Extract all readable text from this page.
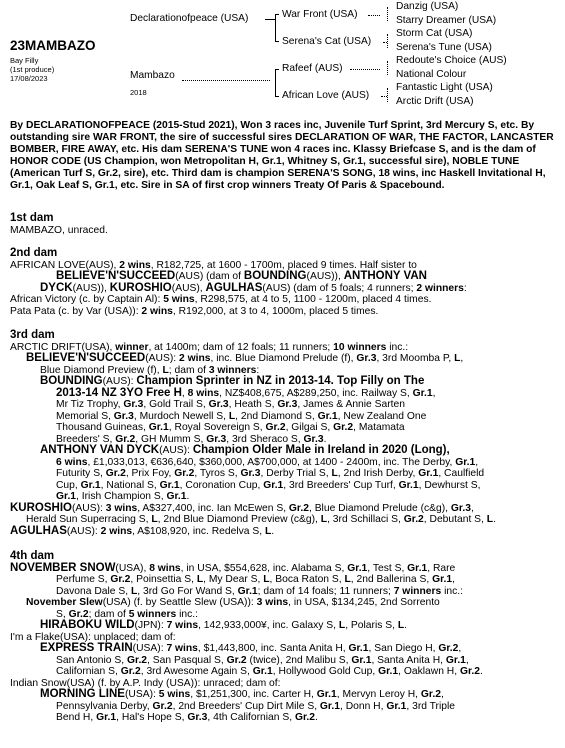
23MAMBAZO
Bay Filly
(1st produce)
17/08/2023
Declarationofpeace (USA)	War Front (USA)
Serena's Cat (USA)
Danzig (USA)
Starry Dreamer (USA)
Storm Cat (USA)
Serena's Tune (USA)
Mambazo
2018
Rafeef (AUS)
African Love (AUS)
Redoute's Choice (AUS)
National Colour
Fantastic Light (USA)
Arctic Drift (USA)

By DECLARATIONOFPEACE (2015-Stud 2021), Won 3 races inc, Juvenile Turf Sprint, 3rd Mercury S, etc. By outstanding sire WAR FRONT, the sire of successful sires DECLARATION OF WAR, THE FACTOR, LANCASTER BOMBER, FIRE AWAY, etc. His dam SERENA'S TUNE won 4 races inc. Klassy Briefcase S, and is the dam of HONOR CODE (US Champion, won Metropolitan H, Gr.1, Whitney S, Gr.1, successful sire), NOBLE TUNE (American Turf S, Gr.2, sire), etc. Third dam is champion SERENA'S SONG, 18 wins, inc Haskell Invitational H, Gr.1, Oak Leaf S, Gr.1, etc. Sire in SA of first crop winners Treaty Of Paris & Spacebound.

1st dam
MAMBAZO, unraced.
2nd dam
AFRICAN LOVE(AUS), 2 wins, R182,725, at 1600 - 1700m, placed 9 times. Half sister to
BELIEVE'N'SUCCEED(AUS) (dam of BOUNDING(AUS)), ANTHONY VAN
DYCK(AUS)), KUROSHIO(AUS), AGULHAS(AUS) (dam of 5 foals; 4 runners; 2 winners:
African Victory (c. by Captain Al): 5 wins, R298,575, at 4 to 5, 1100 - 1200m, placed 4 times.
Pata Pata (c. by Var (USA)): 2 wins, R192,000, at 3 to 4, 1000m, placed 5 times.
3rd dam
ARCTIC DRIFT(USA), winner, at 1400m; dam of 12 foals; 11 runners; 10 winners inc.:
BELIEVE'N'SUCCEED(AUS): 2 wins, inc. Blue Diamond Prelude (f), Gr.3, 3rd Moomba P, L,
Blue Diamond Preview (f), L; dam of 3 winners:
BOUNDING(AUS): Champion Sprinter in NZ in 2013-14. Top Filly on The
2013-14 NZ 3YO Free H, 8 wins, NZ$408,675, A$289,250, inc. Railway S, Gr.1,
Mr Tiz Trophy, Gr.3, Gold Trail S, Gr.3, Heath S, Gr.3, James & Annie Sarten
Memorial S, Gr.3, Murdoch Newell S, L, 2nd Diamond S, Gr.1, New Zealand One
Thousand Guineas, Gr.1, Royal Sovereign S, Gr.2, Gilgai S, Gr.2, Matamata
Breeders' S, Gr.2, GH Mumm S, Gr.3, 3rd Sheraco S, Gr.3.
ANTHONY VAN DYCK(AUS): Champion Older Male in Ireland in 2020 (Long),
6 wins, £1,033,013, €636,640, $360,000, A$700,000, at 1400 - 2400m, inc. The Derby, Gr.1,
Futurity S, Gr.2, Prix Foy, Gr.2, Tyros S, Gr.3, Derby Trial S, L, 2nd Irish Derby, Gr.1, Caulfield
Cup, Gr.1, National S, Gr.1, Coronation Cup, Gr.1, 3rd Breeders' Cup Turf, Gr.1, Dewhurst S,
Gr.1, Irish Champion S, Gr.1.
KUROSHIO(AUS): 3 wins, A$327,400, inc. Ian McEwen S, Gr.2, Blue Diamond Prelude (c&g), Gr.3,
Herald Sun Superracing S, L, 2nd Blue Diamond Preview (c&g), L, 3rd Schillaci S, Gr.2, Debutant S, L.
AGULHAS(AUS): 2 wins, A$108,920, inc. Redelva S, L.
4th dam
NOVEMBER SNOW(USA), 8 wins, in USA, $554,628, inc. Alabama S, Gr.1, Test S, Gr.1, Rare
Perfume S, Gr.2, Poinsettia S, L, My Dear S, L, Boca Raton S, L, 2nd Ballerina S, Gr.1,
Davona Dale S, L, 3rd Go For Wand S, Gr.1; dam of 14 foals; 11 runners; 7 winners inc.:
November Slew(USA) (f. by Seattle Slew (USA)): 3 wins, in USA, $134,245, 2nd Sorrento
S, Gr.2; dam of 5 winners inc.:
HIRABOKU WILD(JPN): 7 wins, 142,933,000¥, inc. Galaxy S, L, Polaris S, L.
I'm a Flake(USA): unplaced; dam of:
EXPRESS TRAIN(USA): 7 wins, $1,443,800, inc. Santa Anita H, Gr.1, San Diego H, Gr.2,
San Antonio S, Gr.2, San Pasqual S, Gr.2 (twice), 2nd Malibu S, Gr.1, Santa Anita H, Gr.1,
Californian S, Gr.2, 3rd Awesome Again S, Gr.1, Hollywood Gold Cup, Gr.1, Oaklawn H, Gr.2.
Indian Snow(USA) (f. by A.P. Indy (USA)): unraced; dam of:
MORNING LINE(USA): 5 wins, $1,251,300, inc. Carter H, Gr.1, Mervyn Leroy H, Gr.2,
Pennsylvania Derby, Gr.2, 2nd Breeders' Cup Dirt Mile S, Gr.1, Donn H, Gr.1, 3rd Triple
Bend H, Gr.1, Hal's Hope S, Gr.3, 4th Californian S, Gr.2.
